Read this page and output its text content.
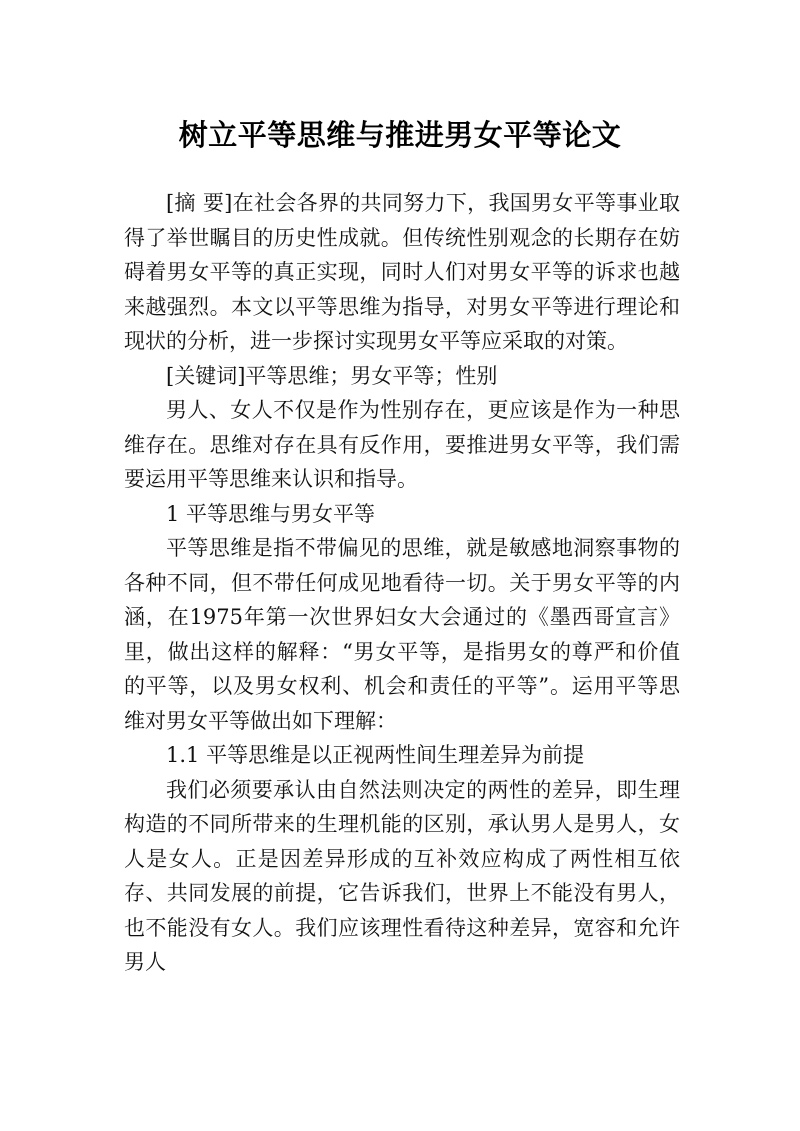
树立平等思维与推进男女平等论文

[摘 要]在社会各界的共同努力下，我国男女平等事业取得了举世瞩目的历史性成就。但传统性别观念的长期存在妨碍着男女平等的真正实现，同时人们对男女平等的诉求也越来越强烈。本文以平等思维为指导，对男女平等进行理论和现状的分析，进一步探讨实现男女平等应采取的对策。

[关键词]平等思维；男女平等；性别

男人、女人不仅是作为性别存在，更应该是作为一种思维存在。思维对存在具有反作用，要推进男女平等，我们需要运用平等思维来认识和指导。

1 平等思维与男女平等

平等思维是指不带偏见的思维，就是敏感地洞察事物的各种不同，但不带任何成见地看待一切。关于男女平等的内涵，在1975年第一次世界妇女大会通过的《墨西哥宣言》里，做出这样的解释：“男女平等，是指男女的尊严和价值的平等，以及男女权利、机会和责任的平等”。运用平等思维对男女平等做出如下理解：

1.1 平等思维是以正视两性间生理差异为前提

我们必须要承认由自然法则决定的两性的差异，即生理构造的不同所带来的生理机能的区别，承认男人是男人，女人是女人。正是因差异形成的互补效应构成了两性相互依存、共同发展的前提，它告诉我们，世界上不能没有男人，也不能没有女人。我们应该理性看待这种差异，宽容和允许男人
